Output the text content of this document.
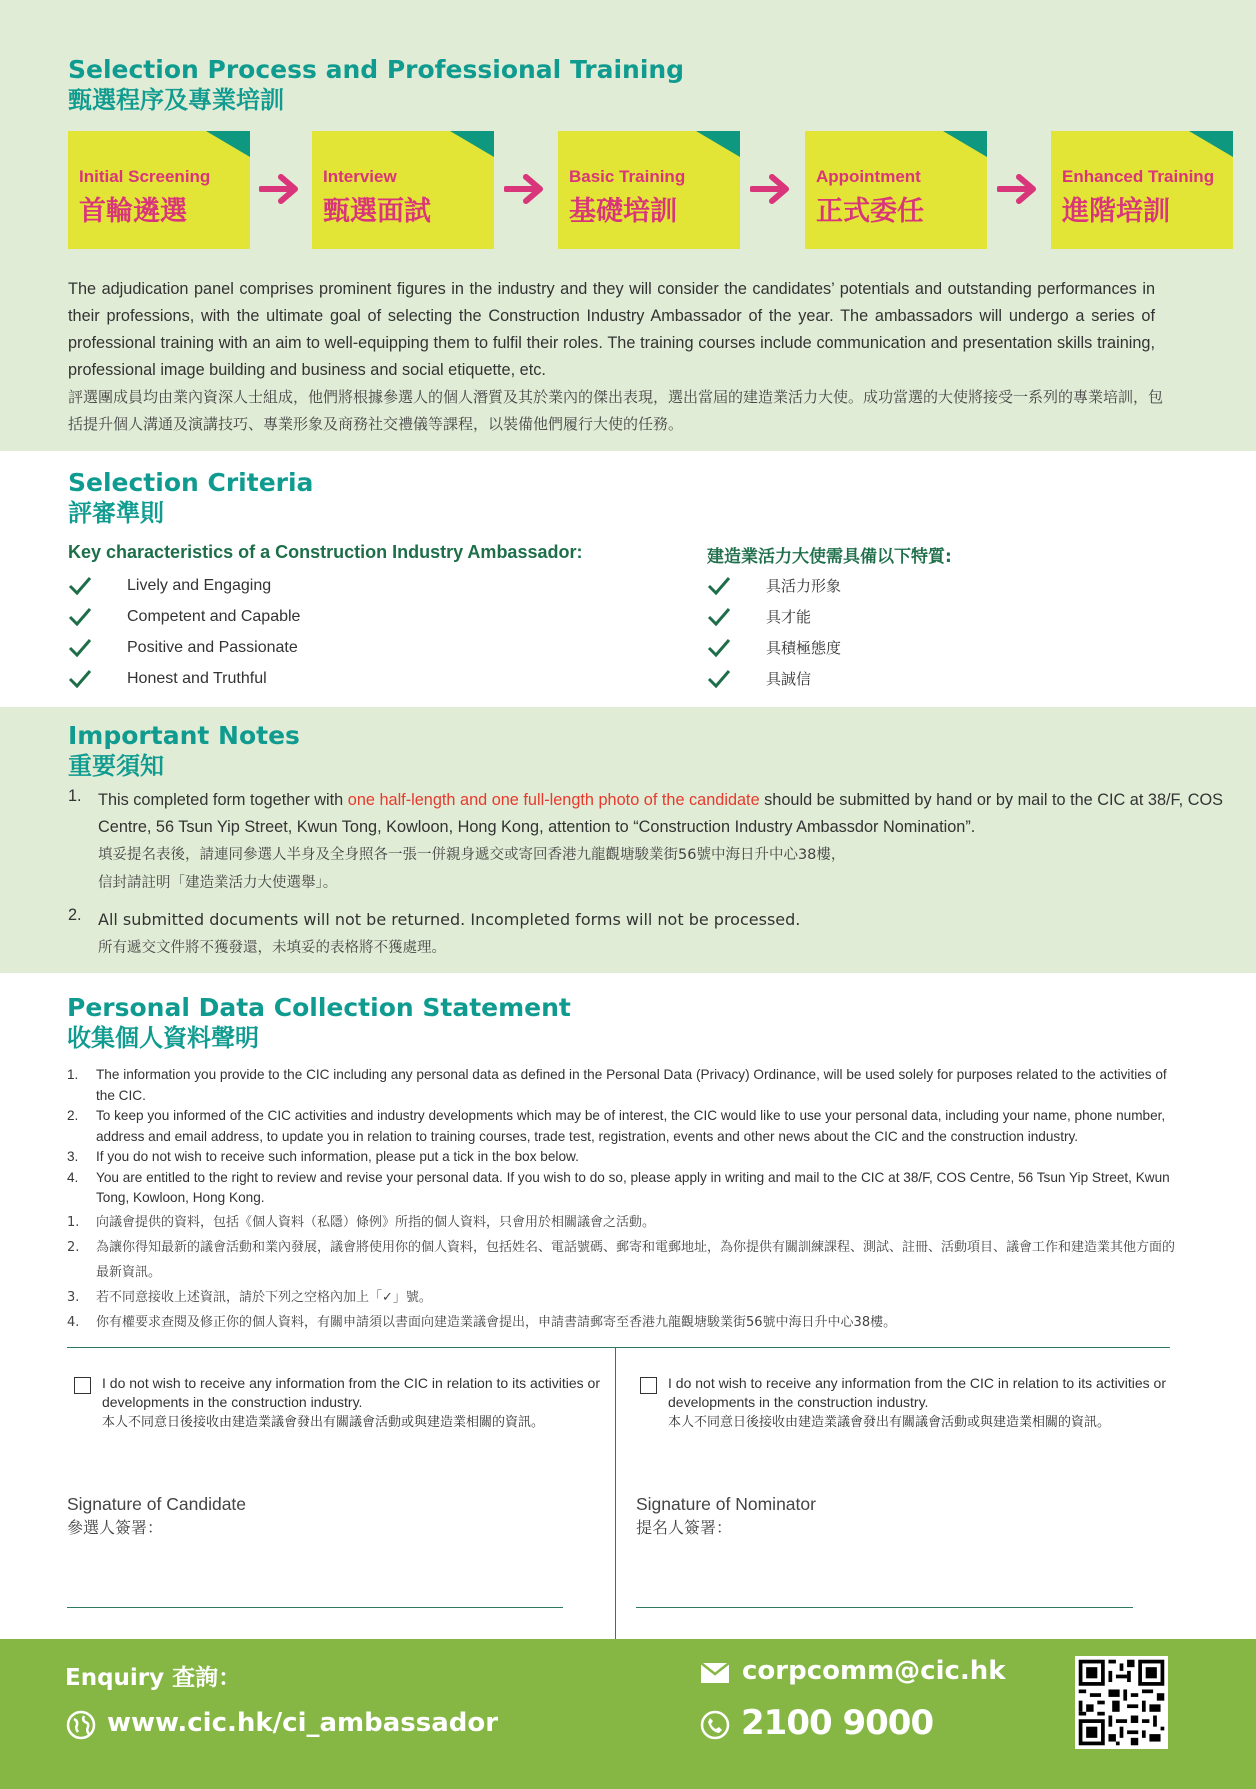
Selection Process and Professional Training
甄選程序及專業培訓
Initial Screening
首輪遴選
Interview
甄選面試
Basic Training
基礎培訓
Appointment
正式委任
Enhanced Training
進階培訓
The adjudication panel comprises prominent figures in the industry and they will consider the candidates’ potentials and outstanding performances in their professions, with the ultimate goal of selecting the Construction Industry Ambassador of the year. The ambassadors will undergo a series of professional training with an aim to well-equipping them to fulfil their roles. The training courses include communication and presentation skills training, professional image building and business and social etiquette, etc.
評選團成員均由業內資深人士組成，他們將根據參選人的個人潛質及其於業內的傑出表現，選出當屆的建造業活力大使。成功當選的大使將接受一系列的專業培訓，包括提升個人溝通及演講技巧、專業形象及商務社交禮儀等課程，以裝備他們履行大使的任務。
Selection Criteria
評審準則
Key characteristics of a Construction Industry Ambassador:	建造業活力大使需具備以下特質:
Lively and Engaging
Competent and Capable
Positive and Passionate
Honest and Truthful
具活力形象
具才能
具積極態度
具誠信
Important Notes
重要須知
1. This completed form together with one half-length and one full-length photo of the candidate should be submitted by hand or by mail to the CIC at 38/F, COS Centre, 56 Tsun Yip Street, Kwun Tong, Kowloon, Hong Kong, attention to “Construction Industry Ambassdor Nomination”.
填妥提名表後，請連同參選人半身及全身照各一張一併親身遞交或寄回香港九龍觀塘駿業街56號中海日升中心38樓，
信封請註明「建造業活力大使選舉」。
2. All submitted documents will not be returned. Incompleted forms will not be processed.
所有遞交文件將不獲發還，未填妥的表格將不獲處理。
Personal Data Collection Statement
收集個人資料聲明
1. The information you provide to the CIC including any personal data as defined in the Personal Data (Privacy) Ordinance, will be used solely for purposes related to the activities of the CIC.
2. To keep you informed of the CIC activities and industry developments which may be of interest, the CIC would like to use your personal data, including your name, phone number, address and email address, to update you in relation to training courses, trade test, registration, events and other news about the CIC and the construction industry.
3. If you do not wish to receive such information, please put a tick in the box below.
4. You are entitled to the right to review and revise your personal data. If you wish to do so, please apply in writing and mail to the CIC at 38/F, COS Centre, 56 Tsun Yip Street, Kwun Tong, Kowloon, Hong Kong.
1. 向議會提供的資料，包括《個人資料（私隱）條例》所指的個人資料，只會用於相關議會之活動。
2. 為讓你得知最新的議會活動和業內發展，議會將使用你的個人資料，包括姓名、電話號碼、郵寄和電郵地址，為你提供有關訓練課程、測試、註冊、活動項目、議會工作和建造業其他方面的最新資訊。
3. 若不同意接收上述資訊，請於下列之空格內加上「✓」號。
4. 你有權要求查閱及修正你的個人資料，有關申請須以書面向建造業議會提出，申請書請郵寄至香港九龍觀塘駿業街56號中海日升中心38樓。
I do not wish to receive any information from the CIC in relation to its activities or developments in the construction industry.
本人不同意日後接收由建造業議會發出有關議會活動或與建造業相關的資訊。
I do not wish to receive any information from the CIC in relation to its activities or developments in the construction industry.
本人不同意日後接收由建造業議會發出有關議會活動或與建造業相關的資訊。
Signature of Candidate
參選人簽署：
Signature of Nominator
提名人簽署：
Enquiry 查詢：
www.cic.hk/ci_ambassador
corpcomm@cic.hk
2100 9000
